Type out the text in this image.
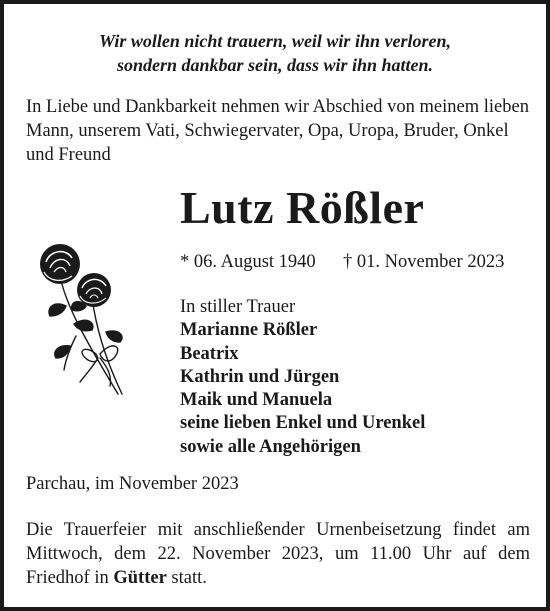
Wir wollen nicht trauern, weil wir ihn verloren,
sondern dankbar sein, dass wir ihn hatten.
In Liebe und Dankbarkeit nehmen wir Abschied von meinem lieben
Mann, unserem Vati, Schwiegervater, Opa, Uropa, Bruder, Onkel
und Freund
Lutz Rößler
* 06. August 1940 † 01. November 2023
In stiller Trauer
Marianne Rößler
Beatrix
Kathrin und Jürgen
Maik und Manuela
seine lieben Enkel und Urenkel
sowie alle Angehörigen
Parchau, im November 2023
Die Trauerfeier mit anschließender Urnenbeisetzung findet am
Mittwoch, dem 22. November 2023, um 11.00 Uhr auf dem
Friedhof in Gütter statt.
